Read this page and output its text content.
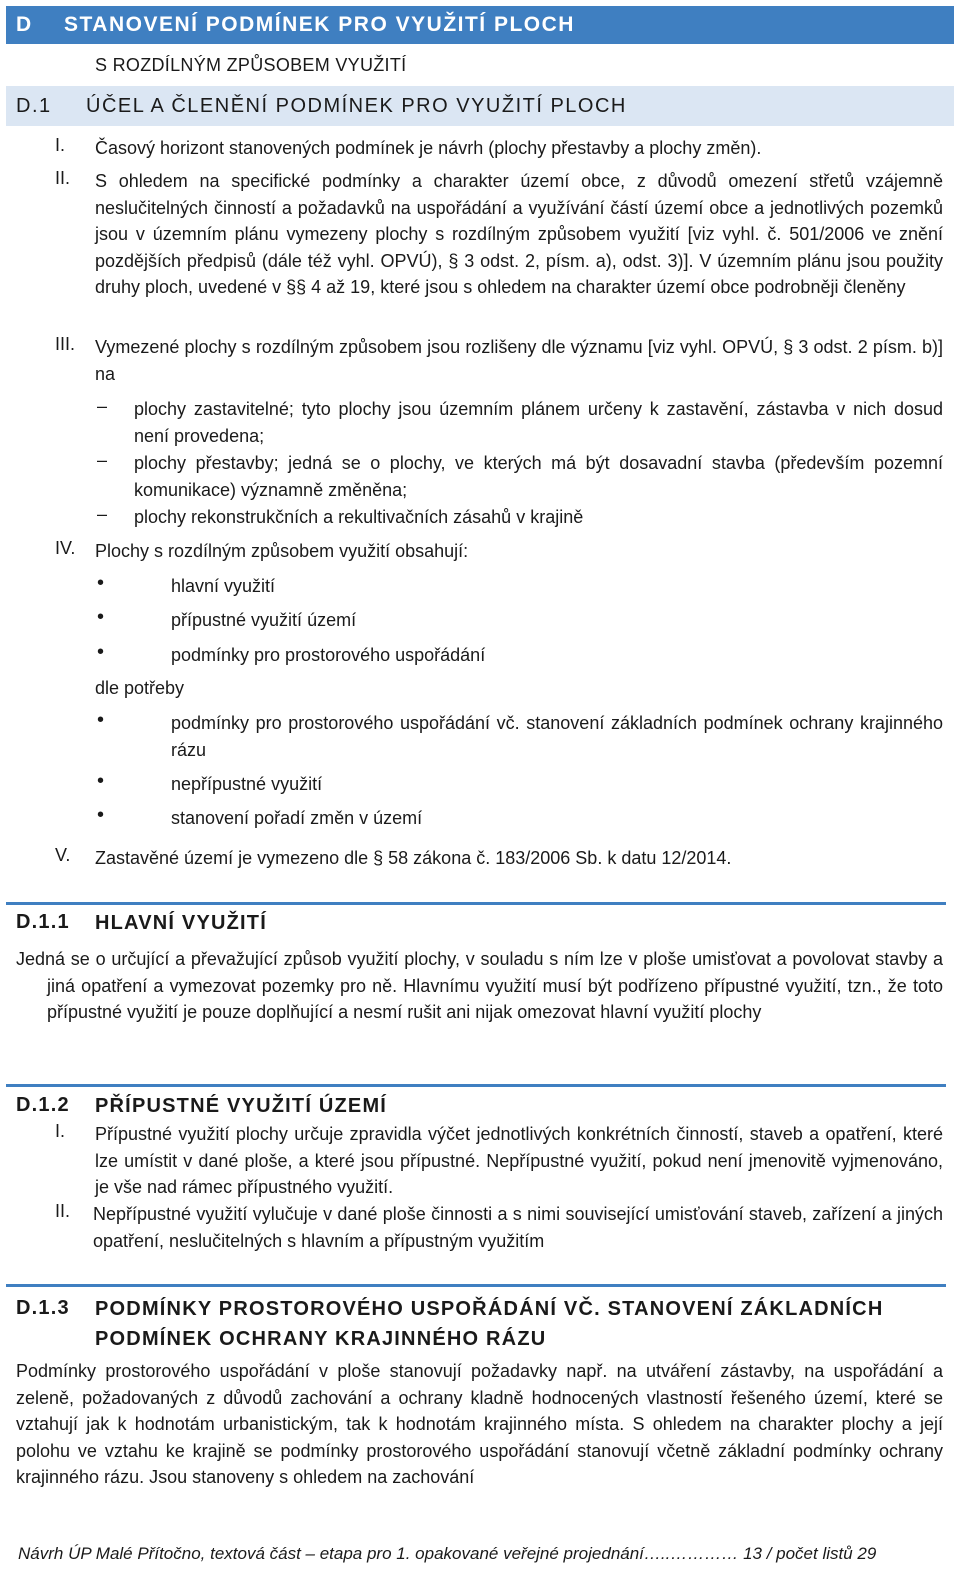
D STANOVENÍ PODMÍNEK PRO VYUŽITÍ PLOCH
S ROZDÍLNÝM ZPŮSOBEM VYUŽITÍ
D.1 ÚČEL A ČLENĚNÍ PODMÍNEK PRO VYUŽITÍ PLOCH
I. Časový horizont stanovených podmínek je návrh (plochy přestavby a plochy změn).
II. S ohledem na specifické podmínky a charakter území obce, z důvodů omezení střetů vzájemně neslučitelných činností a požadavků na uspořádání a využívání částí území obce a jednotlivých pozemků jsou v územním plánu vymezeny plochy s rozdílným způsobem využití [viz vyhl. č. 501/2006 ve znění pozdějších předpisů (dále též vyhl. OPVÚ), § 3 odst. 2, písm. a), odst. 3)]. V územním plánu jsou použity druhy ploch, uvedené v §§ 4 až 19, které jsou s ohledem na charakter území obce podrobněji členěny
III. Vymezené plochy s rozdílným způsobem jsou rozlišeny dle významu [viz vyhl. OPVÚ, § 3 odst. 2 písm. b)] na
– plochy zastavitelné; tyto plochy jsou územním plánem určeny k zastavění, zástavba v nich dosud není provedena;
– plochy přestavby; jedná se o plochy, ve kterých má být dosavadní stavba (především pozemní komunikace) významně změněna;
– plochy rekonstrukčních a rekultivačních zásahů v krajině
IV. Plochy s rozdílným způsobem využití obsahují:
•	hlavní využití
•	přípustné využití území
•	podmínky pro prostorového uspořádání
dle potřeby
•	podmínky pro prostorového uspořádání vč. stanovení základních podmínek ochrany krajinného rázu
•	nepřípustné využití
•	stanovení pořadí změn v území
V. Zastavěné území je vymezeno dle § 58 zákona č. 183/2006 Sb. k datu 12/2014.
D.1.1 HLAVNÍ VYUŽITÍ
Jedná se o určující a převažující způsob využití plochy, v souladu s ním lze v ploše umisťovat a povolovat stavby a jiná opatření a vymezovat pozemky pro ně. Hlavnímu využití musí být podřízeno přípustné využití, tzn., že toto přípustné využití je pouze doplňující a nesmí rušit ani nijak omezovat hlavní využití plochy
D.1.2 PŘÍPUSTNÉ VYUŽITÍ ÚZEMÍ
I. Přípustné využití plochy určuje zpravidla výčet jednotlivých konkrétních činností, staveb a opatření, které lze umístit v dané ploše, a které jsou přípustné. Nepřípustné využití, pokud není jmenovitě vyjmenováno, je vše nad rámec přípustného využití.
II. Nepřípustné využití vylučuje v dané ploše činnosti a s nimi související umisťování staveb, zařízení a jiných opatření, neslučitelných s hlavním a přípustným využitím
D.1.3 PODMÍNKY PROSTOROVÉHO USPOŘÁDÁNÍ VČ. STANOVENÍ ZÁKLADNÍCH
PODMÍNEK OCHRANY KRAJINNÉHO RÁZU
Podmínky prostorového uspořádání v ploše stanovují požadavky např. na utváření zástavby, na uspořádání a zeleně, požadovaných z důvodů zachování a ochrany kladně hodnocených vlastností řešeného území, které se vztahují jak k hodnotám urbanistickým, tak k hodnotám krajinného místa. S ohledem na charakter plochy a její polohu ve vztahu ke krajině se podmínky prostorového uspořádání stanovují včetně základní podmínky ochrany krajinného rázu. Jsou stanoveny s ohledem na zachování
Návrh ÚP Malé Přítočno, textová část – etapa pro 1. opakované veřejné projednání…..………… 13 / počet listů 29
